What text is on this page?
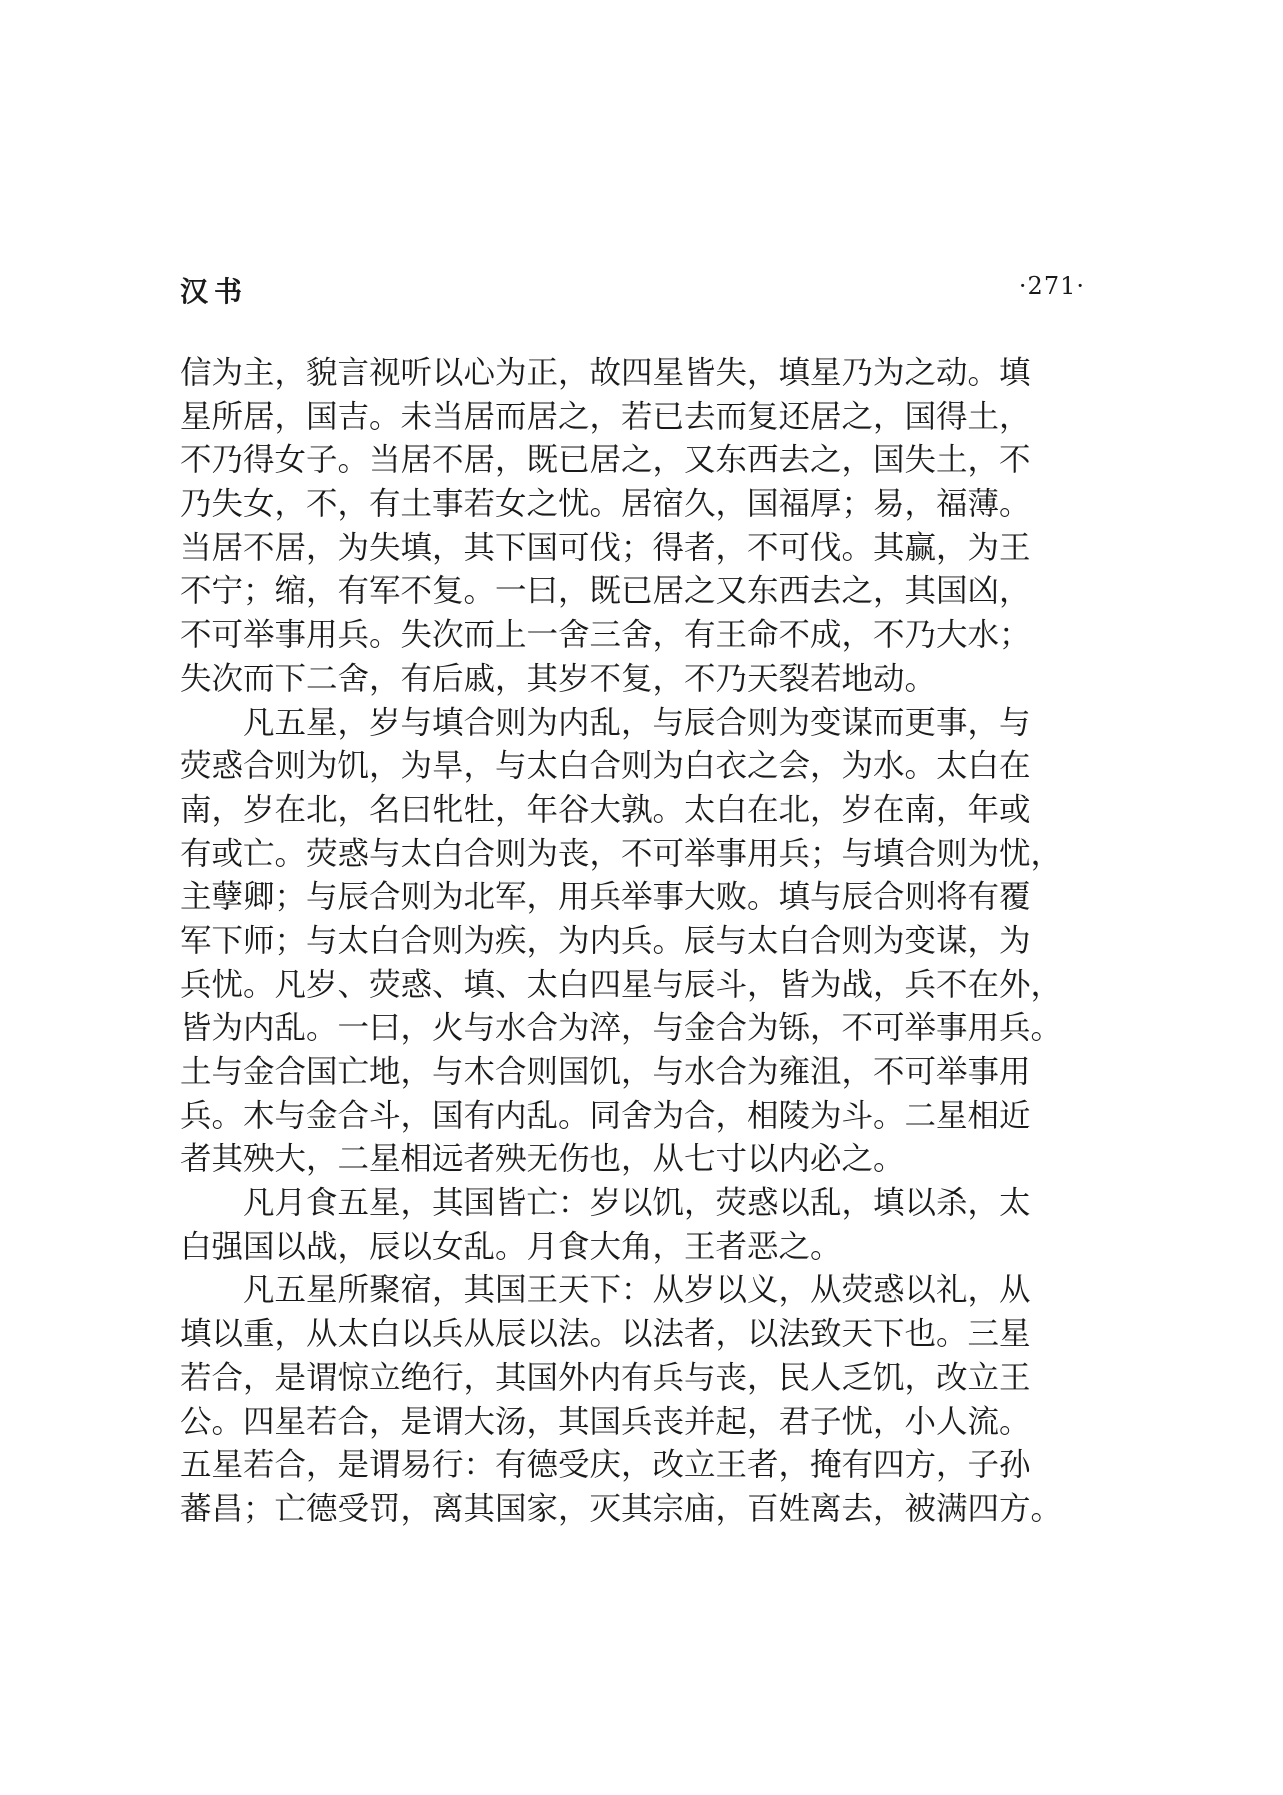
汉书	·271·
信为主，貌言视听以心为正，故四星皆失，填星乃为之动。填
星所居，国吉。未当居而居之，若已去而复还居之，国得土，
不乃得女子。当居不居，既已居之，又东西去之，国失土，不
乃失女，不，有土事若女之忧。居宿久，国福厚；易，福薄。
当居不居，为失填，其下国可伐；得者，不可伐。其赢，为王
不宁；缩，有军不复。一曰，既已居之又东西去之，其国凶，
不可举事用兵。失次而上一舍三舍，有王命不成，不乃大水；
失次而下二舍，有后戚，其岁不复，不乃天裂若地动。
凡五星，岁与填合则为内乱，与辰合则为变谋而更事，与
荧惑合则为饥，为旱，与太白合则为白衣之会，为水。太白在
南，岁在北，名曰牝牡，年谷大孰。太白在北，岁在南，年或
有或亡。荧惑与太白合则为丧，不可举事用兵；与填合则为忧，
主孽卿；与辰合则为北军，用兵举事大败。填与辰合则将有覆
军下师；与太白合则为疾，为内兵。辰与太白合则为变谋，为
兵忧。凡岁、荧惑、填、太白四星与辰斗，皆为战，兵不在外，
皆为内乱。一曰，火与水合为淬，与金合为铄，不可举事用兵。
土与金合国亡地，与木合则国饥，与水合为雍沮，不可举事用
兵。木与金合斗，国有内乱。同舍为合，相陵为斗。二星相近
者其殃大，二星相远者殃无伤也，从七寸以内必之。
凡月食五星，其国皆亡：岁以饥，荧惑以乱，填以杀，太
白强国以战，辰以女乱。月食大角，王者恶之。
凡五星所聚宿，其国王天下：从岁以义，从荧惑以礼，从
填以重，从太白以兵从辰以法。以法者，以法致天下也。三星
若合，是谓惊立绝行，其国外内有兵与丧，民人乏饥，改立王
公。四星若合，是谓大汤，其国兵丧并起，君子忧，小人流。
五星若合，是谓易行：有德受庆，改立王者，掩有四方，子孙
蕃昌；亡德受罚，离其国家，灭其宗庙，百姓离去，被满四方。
